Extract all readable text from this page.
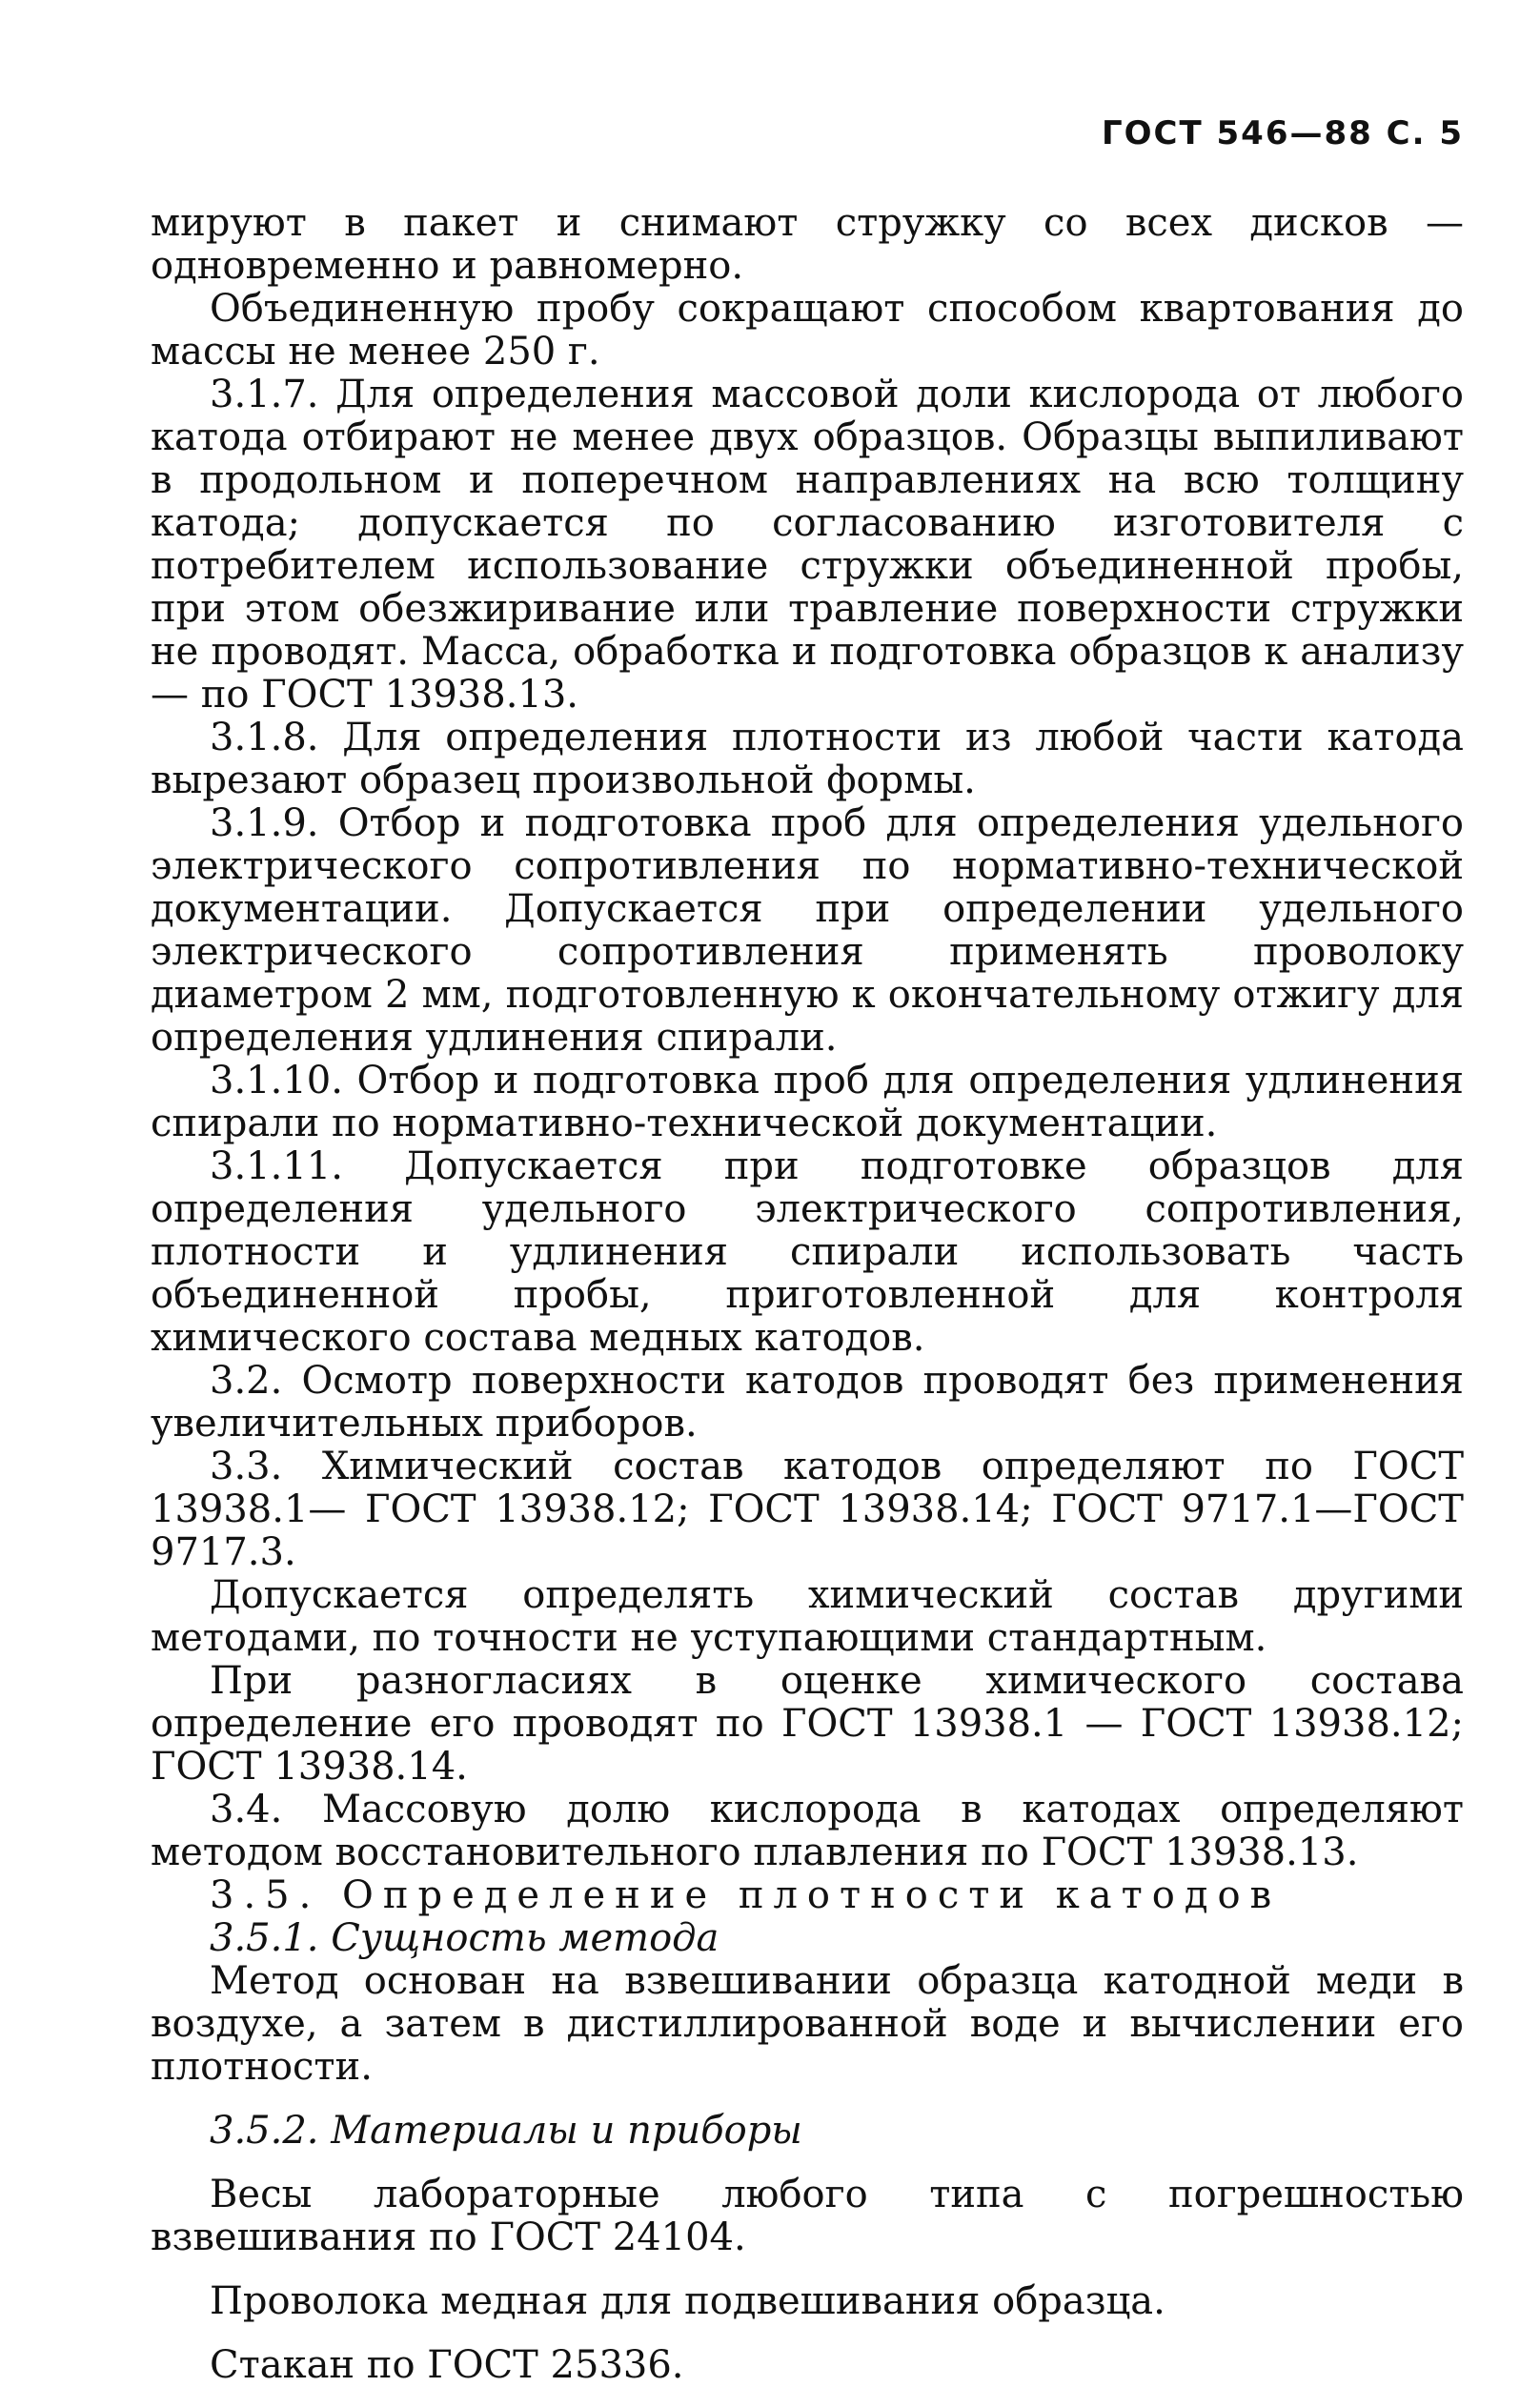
ГОСТ 546—88 С. 5

мируют в пакет и снимают стружку со всех дисков — одновременно и равномерно.

Объединенную пробу сокращают способом квартования до массы не менее 250 г.

3.1.7. Для определения массовой доли кислорода от любого катода отбирают не менее двух образцов. Образцы выпиливают в продольном и поперечном направлениях на всю толщину катода; допускается по согласованию изготовителя с потребителем использование стружки объединенной пробы, при этом обезжиривание или травление поверхности стружки не проводят. Масса, обработка и подготовка образцов к анализу — по ГОСТ 13938.13.

3.1.8. Для определения плотности из любой части катода вырезают образец произвольной формы.

3.1.9. Отбор и подготовка проб для определения удельного электрического сопротивления по нормативно-технической документации. Допускается при определении удельного электрического сопротивления применять проволоку диаметром 2 мм, подготовленную к окончательному отжигу для определения удлинения спирали.

3.1.10. Отбор и подготовка проб для определения удлинения спирали по нормативно-технической документации.

3.1.11. Допускается при подготовке образцов для определения удельного электрического сопротивления, плотности и удлинения спирали использовать часть объединенной пробы, приготовленной для контроля химического состава медных катодов.

3.2. Осмотр поверхности катодов проводят без применения увеличительных приборов.

3.3. Химический состав катодов определяют по ГОСТ 13938.1— ГОСТ 13938.12; ГОСТ 13938.14; ГОСТ 9717.1—ГОСТ 9717.3.

Допускается определять химический состав другими методами, по точности не уступающими стандартным.

При разногласиях в оценке химического состава определение его проводят по ГОСТ 13938.1 — ГОСТ 13938.12; ГОСТ 13938.14.

3.4. Массовую долю кислорода в катодах определяют методом восстановительного плавления по ГОСТ 13938.13.

3.5. Определение плотности катодов

3.5.1. Сущность метода

Метод основан на взвешивании образца катодной меди в воздухе, а затем в дистиллированной воде и вычислении его плотности.

3.5.2. Материалы и приборы

Весы лабораторные любого типа с погрешностью взвешивания по ГОСТ 24104.

Проволока медная для подвешивания образца.

Стакан по ГОСТ 25336.
